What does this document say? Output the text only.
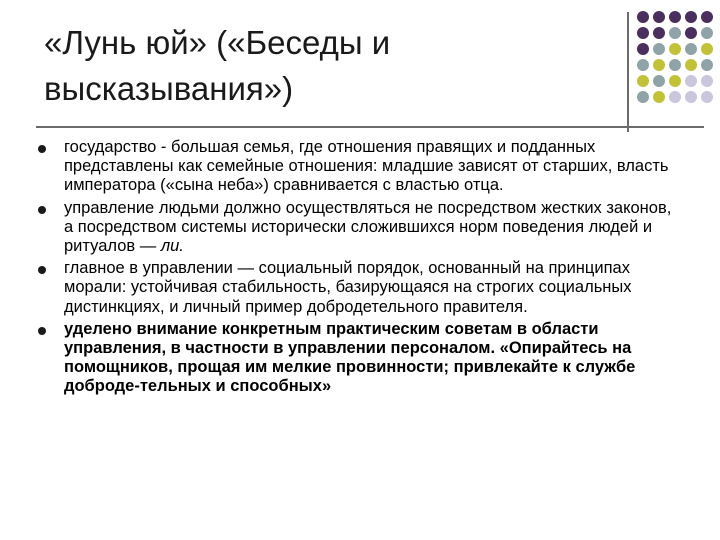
«Лунь юй» («Беседы и высказывания»)
государство - большая семья, где отношения правящих и подданных представлены как семейные отношения: младшие зависят от старших, власть императора («сына неба») сравнивается с властью отца.
управление людьми должно осуществляться не посредством жестких законов, а посредством системы исторически сложившихся норм поведения людей и ритуалов — ли.
главное в управлении — социальный порядок, основанный на принципах морали: устойчивая стабильность, базирующаяся на строгих социальных дистинкциях, и личный пример добродетельного правителя.
уделено внимание конкретным практическим советам в области управления, в частности в управлении персоналом. «Опирайтесь на помощников, прощая им мелкие провинности; привлекайте к службе доброде-тельных и способных»
